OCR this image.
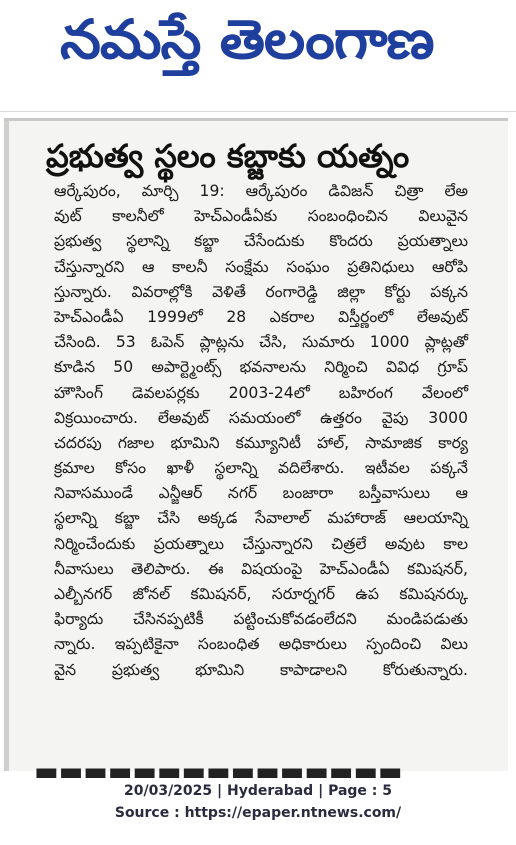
నమస్తే తెలంగాణ
ప్రభుత్వ స్థలం కబ్జాకు యత్నం
ఆర్కేపురం, మార్చి 19: ఆర్కేపురం డివిజన్ చిత్రా లేఅ
వుట్ కాలనీలో హెచ్ఎండీఏకు సంబంధించిన విలువైన
ప్రభుత్వ స్థలాన్ని కబ్జా చేసేందుకు కొందరు ప్రయత్నాలు
చేస్తున్నారని ఆ కాలనీ సంక్షేమ సంఘం ప్రతినిధులు ఆరోపి
స్తున్నారు. వివరాల్లోకి వెళితే రంగారెడ్డి జిల్లా కోర్టు పక్కన
హెచ్ఎండీఏ 1999లో 28 ఎకరాల విస్తీర్ణంలో లేఅవుట్
చేసింది. 53 ఓపెన్ ప్లాట్లను చేసి, సుమారు 1000 ప్లాట్లతో
కూడిన 50 అపార్ట్మెంట్స్ భవనాలను నిర్మించి వివిధ గ్రూప్
హౌసింగ్ డెవలపర్లకు 2003-24లో బహిరంగ వేలంలో
విక్రయించారు. లేఅవుట్ సమయంలో ఉత్తరం వైపు 3000
చదరపు గజాల భూమిని కమ్యూనిటీ హాల్, సామాజిక కార్య
క్రమాల కోసం ఖాళీ స్థలాన్ని వదిలేశారు. ఇటీవల పక్కనే
నివాసముండే ఎన్జీఆర్ నగర్ బంజారా బస్తీవాసులు ఆ
స్థలాన్ని కబ్జా చేసి అక్కడ సేవాలాల్ మహారాజ్ ఆలయాన్ని
నిర్మించేందుకు ప్రయత్నాలు చేస్తున్నారని చిత్రలే అవుట కాల
నీవాసులు తెలిపారు. ఈ విషయంపై హెచ్ఎండీఏ కమిషనర్,
ఎల్బీనగర్ జోనల్ కమిషనర్, సరూర్నగర్ ఉప కమిషనర్కు
ఫిర్యాదు చేసినప్పటికీ పట్టించుకోవడంలేదని మండిపడుతు
న్నారు. ఇప్పటికైనా సంబంధిత అధికారులు స్పందించి విలు
వైన ప్రభుత్వ భూమిని కాపాడాలని కోరుతున్నారు.
▬▬▬▬▬▬▬▬▬▬▬▬▬▬▬
20/03/2025 | Hyderabad | Page : 5
Source : https://epaper.ntnews.com/
